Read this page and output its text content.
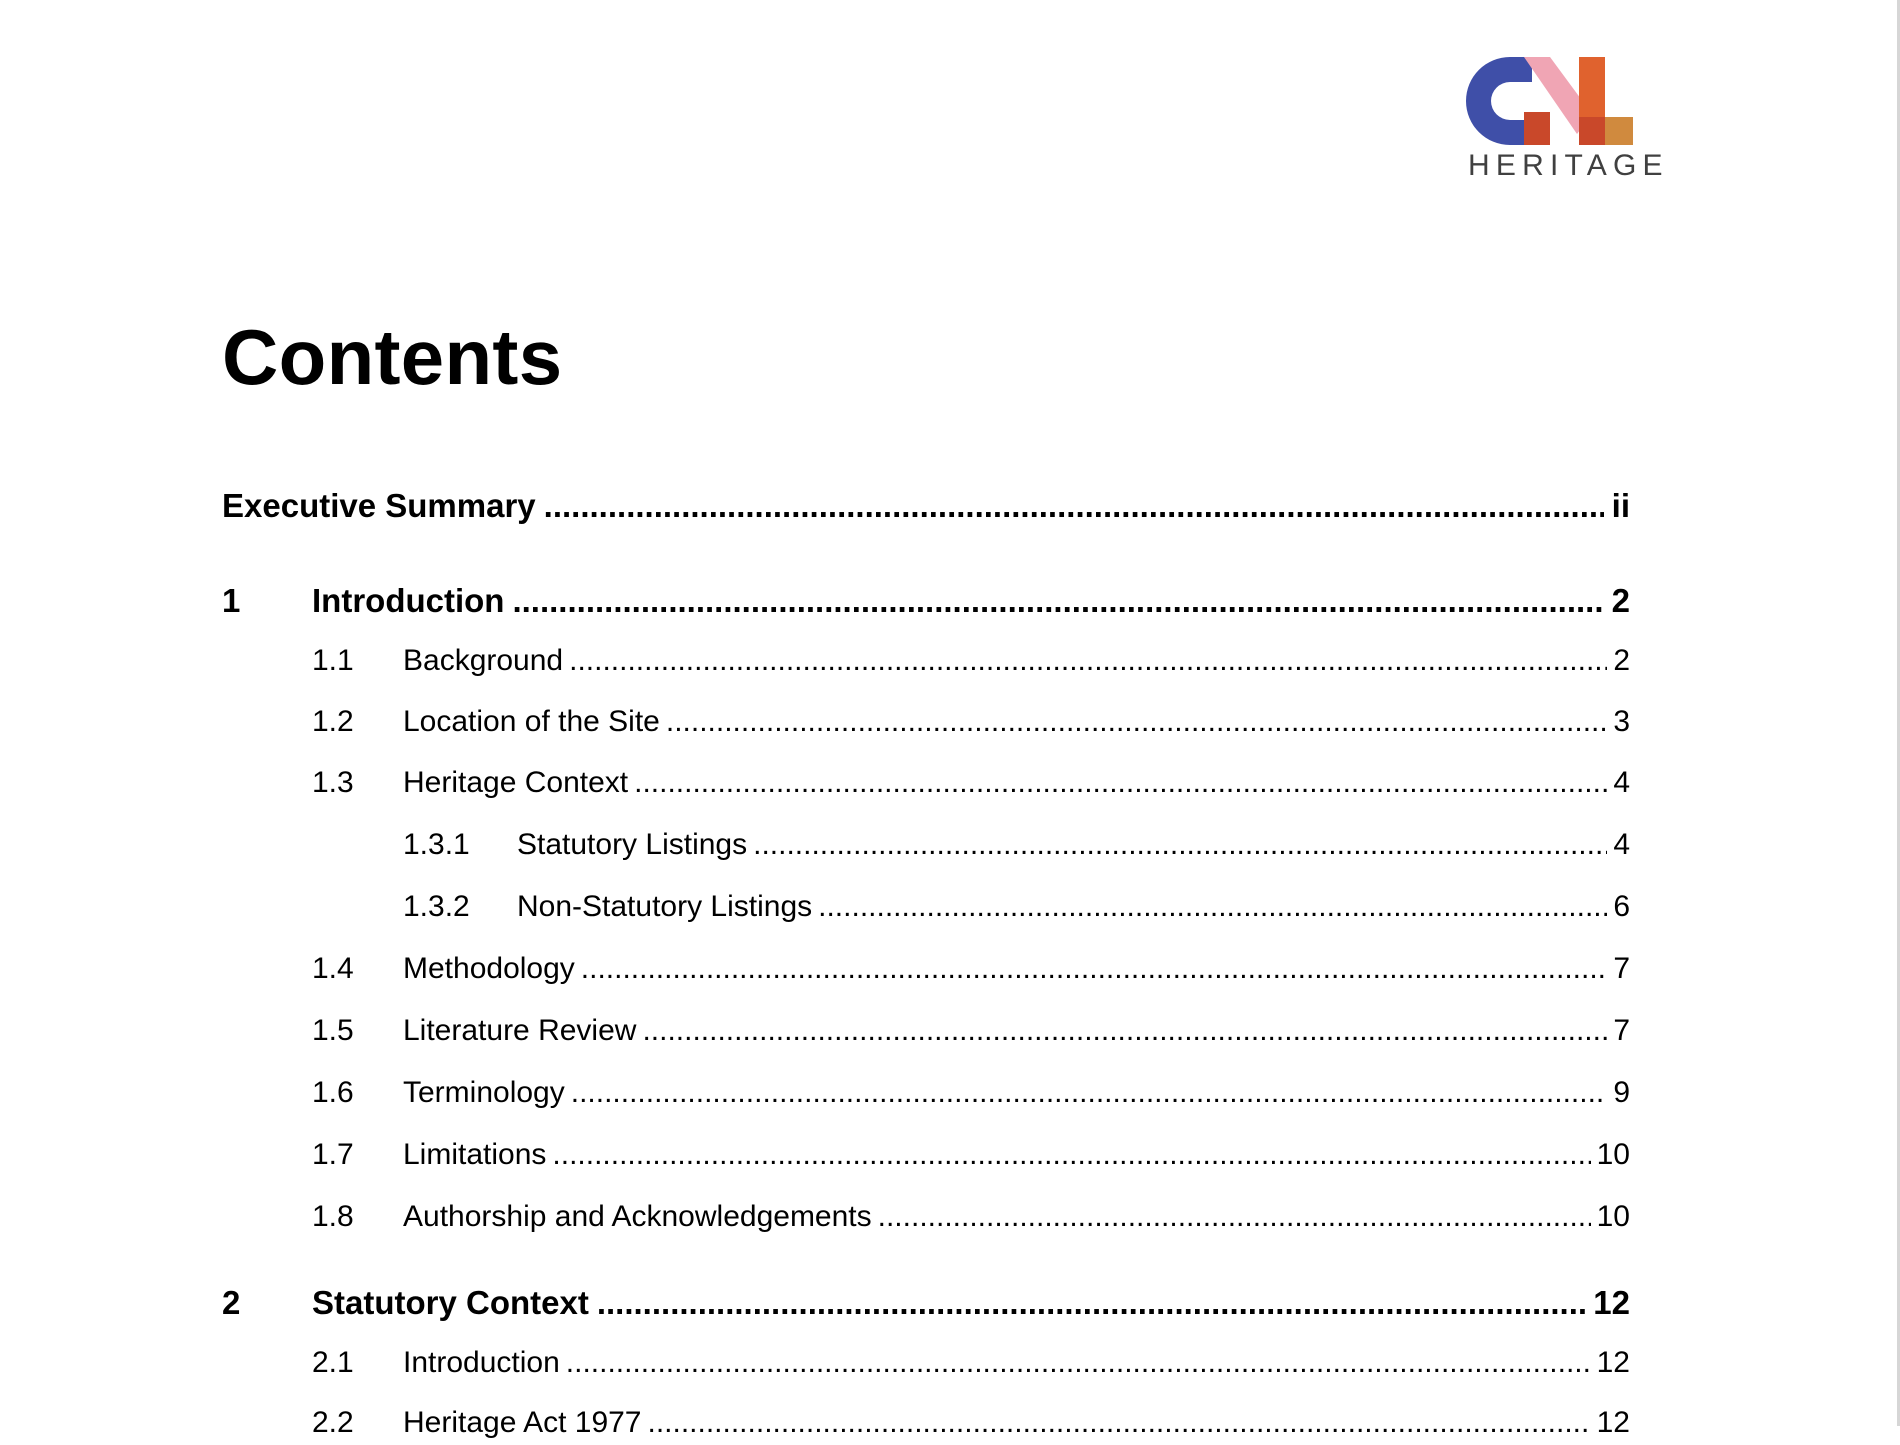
HERITAGE
Contents
Executive Summary .....	ii
1	Introduction .....	2
1.1	Background .....	2
1.2	Location of the Site .....	3
1.3	Heritage Context .....	4
1.3.1	Statutory Listings .....	4
1.3.2	Non-Statutory Listings .....	6
1.4	Methodology .....	7
1.5	Literature Review .....	7
1.6	Terminology .....	9
1.7	Limitations .....	10
1.8	Authorship and Acknowledgements .....	10
2	Statutory Context .....	12
2.1	Introduction .....	12
2.2	Heritage Act 1977 .....	12
